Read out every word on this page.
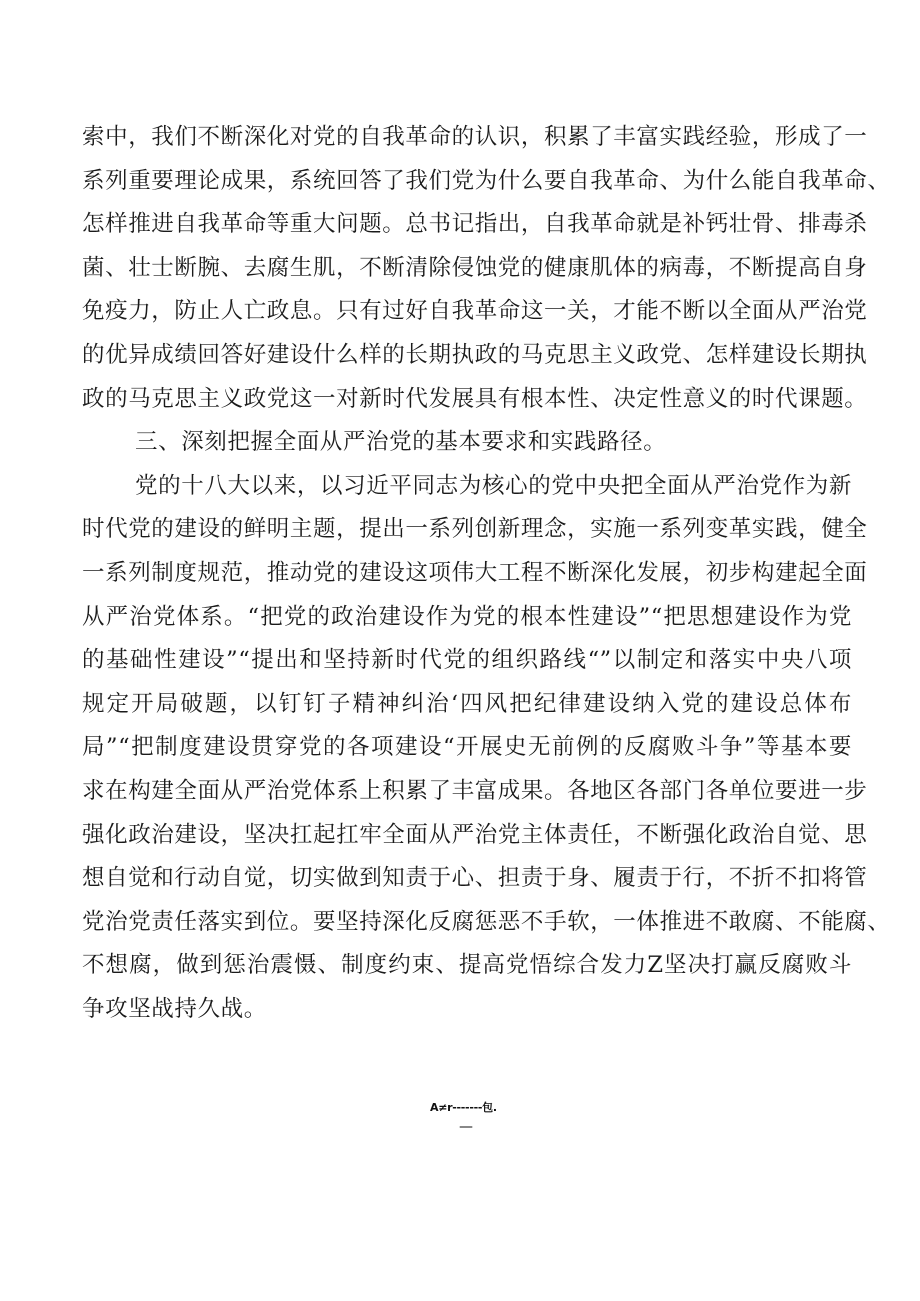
索中，我们不断深化对党的自我革命的认识，积累了丰富实践经验，形成了一
系列重要理论成果，系统回答了我们党为什么要自我革命、为什么能自我革命、
怎样推进自我革命等重大问题。总书记指出，自我革命就是补钙壮骨、排毒杀
菌、壮士断腕、去腐生肌，不断清除侵蚀党的健康肌体的病毒，不断提高自身
免疫力，防止人亡政息。只有过好自我革命这一关，才能不断以全面从严治党
的优异成绩回答好建设什么样的长期执政的马克思主义政党、怎样建设长期执
政的马克思主义政党这一对新时代发展具有根本性、决定性意义的时代课题。
三、深刻把握全面从严治党的基本要求和实践路径。
党的十八大以来，以习近平同志为核心的党中央把全面从严治党作为新
时代党的建设的鲜明主题，提出一系列创新理念，实施一系列变革实践，健全
一系列制度规范，推动党的建设这项伟大工程不断深化发展，初步构建起全面
从严治党体系。“把党的政治建设作为党的根本性建设”“把思想建设作为党
的基础性建设”“提出和坚持新时代党的组织路线“”以制定和落实中央八项
规定开局破题，以钉钉子精神纠治‘四风把纪律建设纳入党的建设总体布
局”“把制度建设贯穿党的各项建设“开展史无前例的反腐败斗争”等基本要
求在构建全面从严治党体系上积累了丰富成果。各地区各部门各单位要进一步
强化政治建设，坚决扛起扛牢全面从严治党主体责任，不断强化政治自觉、思
想自觉和行动自觉，切实做到知责于心、担责于身、履责于行，不折不扣将管
党治党责任落实到位。要坚持深化反腐惩恶不手软，一体推进不敢腐、不能腐、
不想腐，做到惩治震慑、制度约束、提高党悟综合发力Z坚决打赢反腐败斗
争攻坚战持久战。
A≠r-------包.
—
